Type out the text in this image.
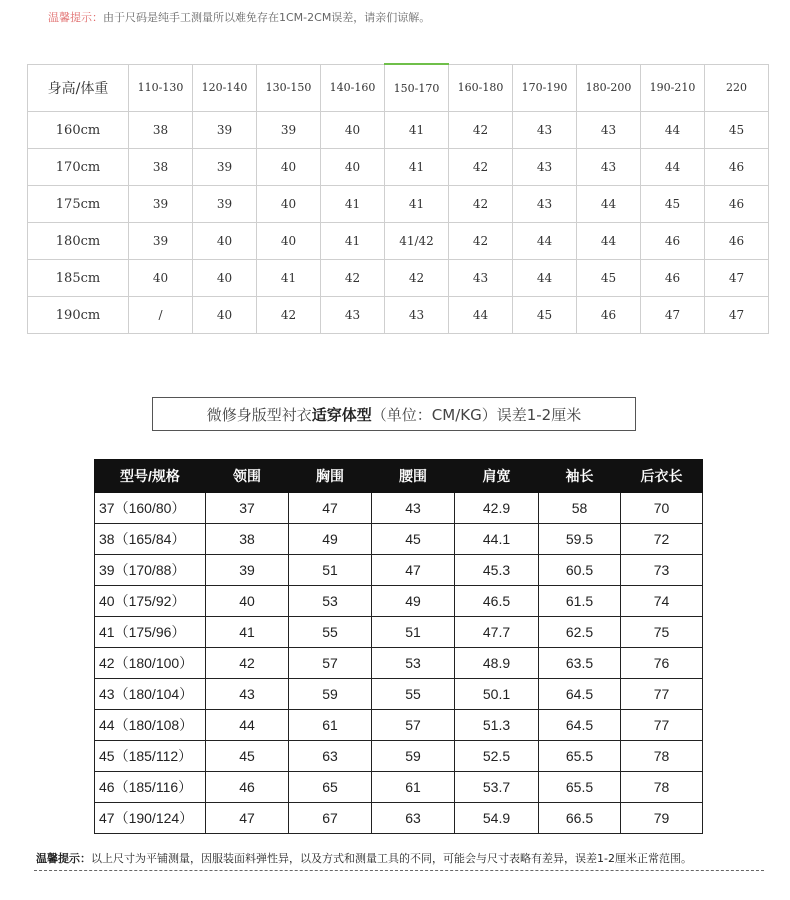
温馨提示：由于尺码是纯手工测量所以难免存在1CM-2CM误差，请亲们谅解。
身高/体重	110-130	120-140	130-150	140-160	150-170	160-180	170-190	180-200	190-210	220
160cm	38	39	39	40	41	42	43	43	44	45
170cm	38	39	40	40	41	42	43	43	44	46
175cm	39	39	40	41	41	42	43	44	45	46
180cm	39	40	40	41	41/42	42	44	44	46	46
185cm	40	40	41	42	42	43	44	45	46	47
190cm	/	40	42	43	43	44	45	46	47	47
微修身版型衬衣 适穿体型 （单位：CM/KG）误差1-2厘米
型号/规格	领围	胸围	腰围	肩宽	袖长	后衣长
37（160/80）	37	47	43	42.9	58	70
38（165/84）	38	49	45	44.1	59.5	72
39（170/88）	39	51	47	45.3	60.5	73
40（175/92）	40	53	49	46.5	61.5	74
41（175/96）	41	55	51	47.7	62.5	75
42（180/100）	42	57	53	48.9	63.5	76
43（180/104）	43	59	55	50.1	64.5	77
44（180/108）	44	61	57	51.3	64.5	77
45（185/112）	45	63	59	52.5	65.5	78
46（185/116）	46	65	61	53.7	65.5	78
47（190/124）	47	67	63	54.9	66.5	79
温馨提示：以上尺寸为平铺测量，因服装面料弹性异，以及方式和测量工具的不同，可能会与尺寸表略有差异，误差1-2厘米正常范围。
